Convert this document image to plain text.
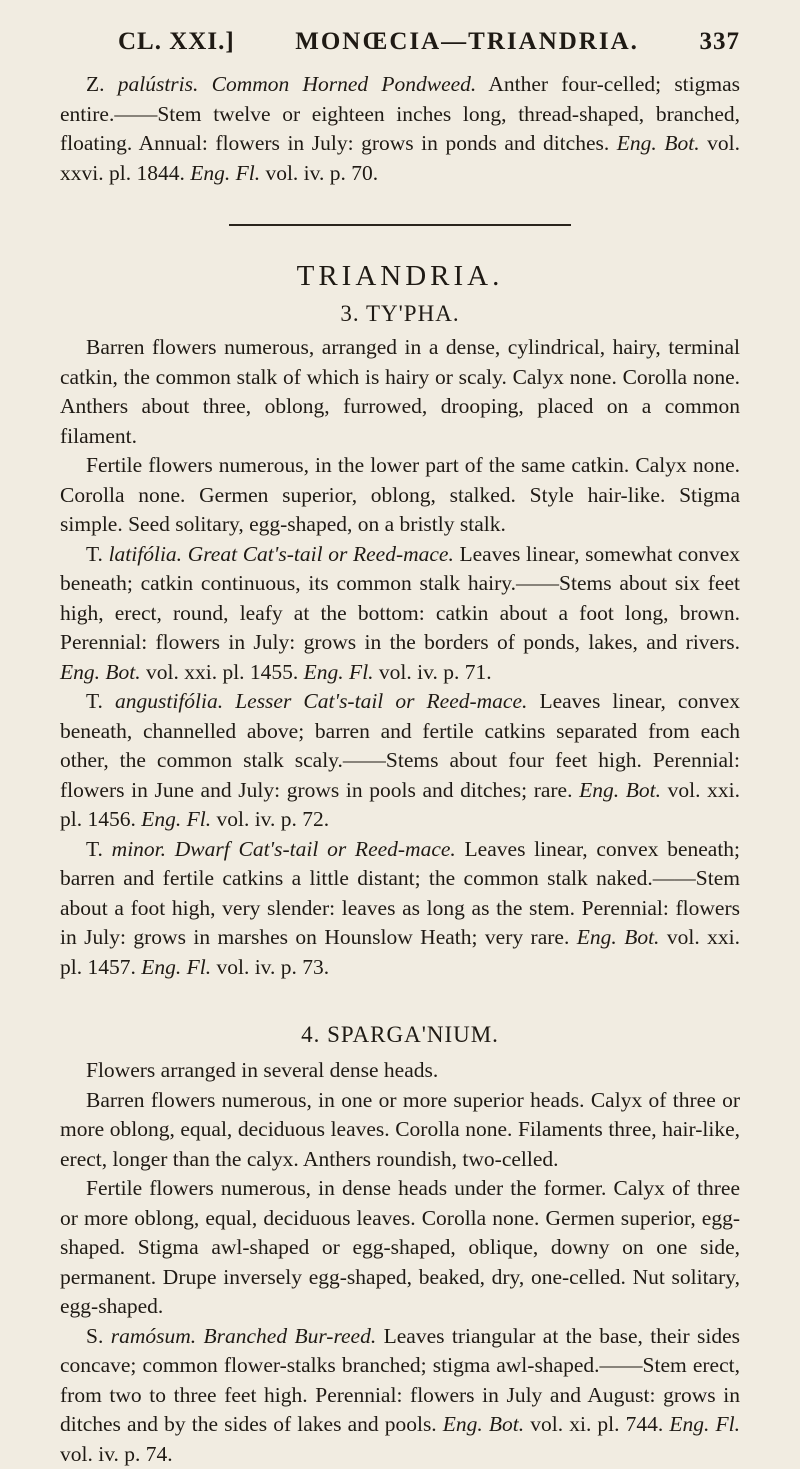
CL. XXI.] MONŒCIA—TRIANDRIA. 337

Z. palústris. Common Horned Pondweed. Anther four-celled; stigmas entire.——Stem twelve or eighteen inches long, thread-shaped, branched, floating. Annual: flowers in July: grows in ponds and ditches. Eng. Bot. vol. xxvi. pl. 1844. Eng. Fl. vol. iv. p. 70.

TRIANDRIA.
3. TY'PHA.

Barren flowers numerous, arranged in a dense, cylindrical, hairy, terminal catkin, the common stalk of which is hairy or scaly. Calyx none. Corolla none. Anthers about three, oblong, furrowed, drooping, placed on a common filament.

Fertile flowers numerous, in the lower part of the same catkin. Calyx none. Corolla none. Germen superior, oblong, stalked. Style hair-like. Stigma simple. Seed solitary, egg-shaped, on a bristly stalk.

T. latifólia. Great Cat's-tail or Reed-mace. Leaves linear, somewhat convex beneath; catkin continuous, its common stalk hairy.——Stems about six feet high, erect, round, leafy at the bottom: catkin about a foot long, brown. Perennial: flowers in July: grows in the borders of ponds, lakes, and rivers. Eng. Bot. vol. xxi. pl. 1455. Eng. Fl. vol. iv. p. 71.

T. angustifólia. Lesser Cat's-tail or Reed-mace. Leaves linear, convex beneath, channelled above; barren and fertile catkins separated from each other, the common stalk scaly.——Stems about four feet high. Perennial: flowers in June and July: grows in pools and ditches; rare. Eng. Bot. vol. xxi. pl. 1456. Eng. Fl. vol. iv. p. 72.

T. minor. Dwarf Cat's-tail or Reed-mace. Leaves linear, convex beneath; barren and fertile catkins a little distant; the common stalk naked.——Stem about a foot high, very slender: leaves as long as the stem. Perennial: flowers in July: grows in marshes on Hounslow Heath; very rare. Eng. Bot. vol. xxi. pl. 1457. Eng. Fl. vol. iv. p. 73.

4. SPARGA'NIUM.

Flowers arranged in several dense heads.

Barren flowers numerous, in one or more superior heads. Calyx of three or more oblong, equal, deciduous leaves. Corolla none. Filaments three, hair-like, erect, longer than the calyx. Anthers roundish, two-celled.

Fertile flowers numerous, in dense heads under the former. Calyx of three or more oblong, equal, deciduous leaves. Corolla none. Germen superior, egg-shaped. Stigma awl-shaped or egg-shaped, oblique, downy on one side, permanent. Drupe inversely egg-shaped, beaked, dry, one-celled. Nut solitary, egg-shaped.

S. ramósum. Branched Bur-reed. Leaves triangular at the base, their sides concave; common flower-stalks branched; stigma awl-shaped.——Stem erect, from two to three feet high. Perennial: flowers in July and August: grows in ditches and by the sides of lakes and pools. Eng. Bot. vol. xi. pl. 744. Eng. Fl. vol. iv. p. 74.
